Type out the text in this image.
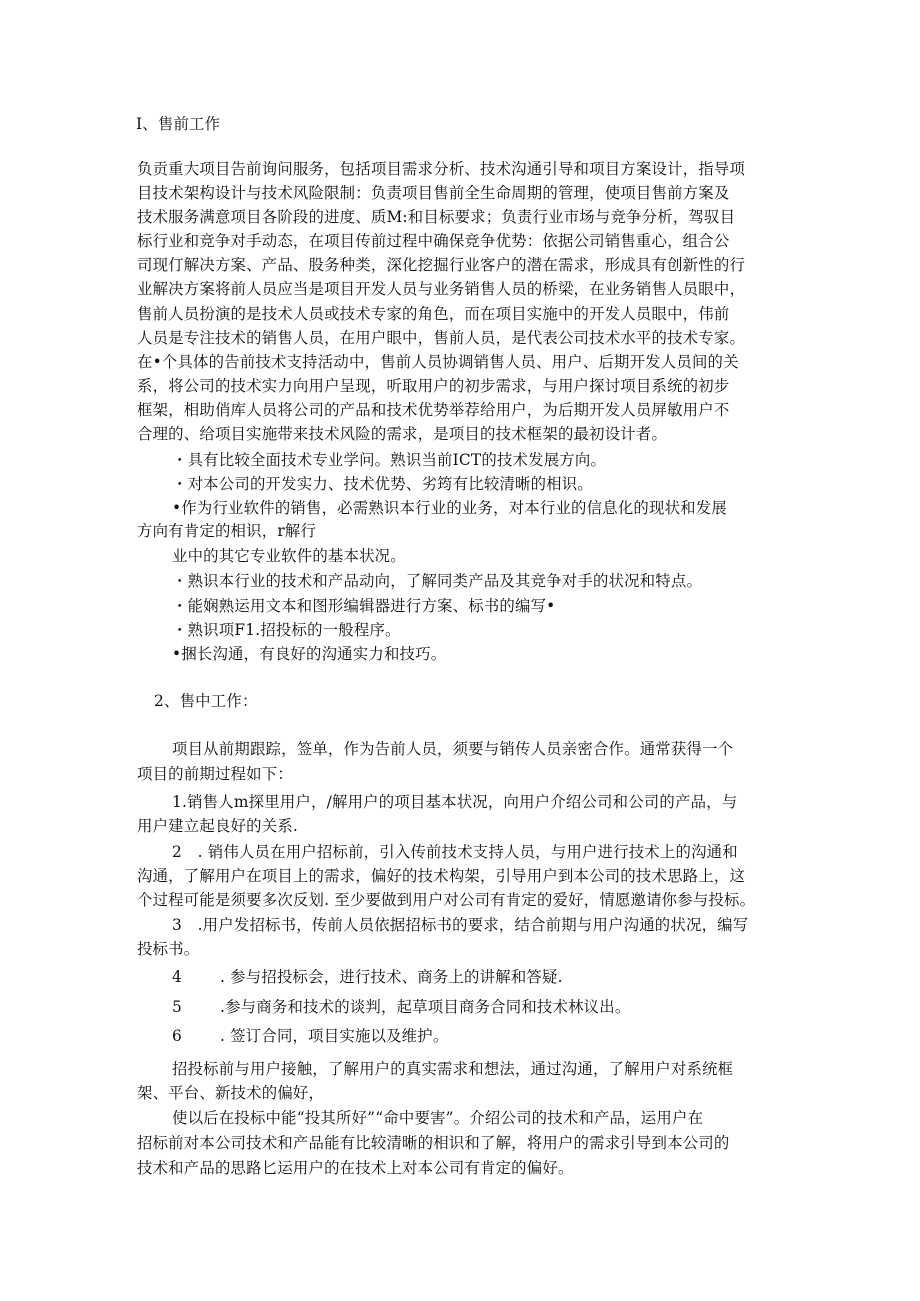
I、售前工作
负贡重大项目告前询问服务，包括项目需求分析、技术沟通引导和项目方案设计，指导项
目技术架构设计与技术风险限制：负责项目售前全生命周期的管理，使项目售前方案及
技术服务满意项目各阶段的进度、质M:和目标要求；负责行业市场与竞争分析，驾驭目
标行业和竞争对手动态，在项目传前过程中确保竞争优势：依据公司销售重心，组合公
司现仃解决方案、产品、股务种类，深化挖掘行业客户的潜在需求，形成具有创新性的行
业解决方案将前人员应当是项目开发人员与业务销售人员的桥梁，在业务销售人员眼中，
售前人员扮演的是技术人员或技术专家的角色，而在项目实施中的开发人员眼中，伟前
人员是专注技术的销售人员，在用户眼中，售前人员，是代表公司技术水平的技术专家。
在•个具体的告前技术支持活动中，售前人员协调销售人员、用户、后期开发人员间的关
系，将公司的技术实力向用户呈现，听取用户的初步需求，与用户探讨项目系统的初步
框架，相助俏库人员将公司的产品和技术优势举荐给用户，为后期开发人员屏敏用户不
合理的、给项目实施带来技术风险的需求，是项目的技术框架的最初设计者。
・具有比较全面技术专业学问。熟识当前ICT的技术发展方向。
・对本公司的开发实力、技术优势、劣筠有比较清晰的相识。
•作为行业软件的销售，必需熟识本行业的业务，对本行业的信息化的现状和发展
方向有肯定的相识，r解行
业中的其它专业软件的基本状况。
・熟识本行业的技术和产品动向，了解同类产品及其竞争对手的状况和特点。
・能娴熟运用文本和图形编辑器进行方案、标书的编写•
・熟识项F1.招投标的一般程序。
•捆长沟通，有良好的沟通实力和技巧。
2、售中工作：
项目从前期跟踪，签单，作为告前人员，须要与销传人员亲密合作。通常获得一个
项目的前期过程如下：
1.销售人m探里用户，/解用户的项目基本状况，向用户介绍公司和公司的产品，与
用户建立起良好的关系.
2　. 销伟人员在用户招标前，引入传前技术支持人员，与用户进行技术上的沟通和
沟通，了解用户在项目上的需求，偏好的技术构架，引导用户到本公司的技术思路上，这
个过程可能是须要多次反划. 至少要做到用户对公司有肯定的爱好，情愿邀请你参与投标。
3　.用户发招标书，传前人员依据招标书的要求，结合前期与用户沟通的状况，编写
投标书。
4 . 参与招投标会，进行技术、商务上的讲解和答疑.
5 .参与商务和技术的谈判，起草项目商务合同和技术林议出。
6 . 签订合同，项目实施以及维护。
招投标前与用户接触，了解用户的真实需求和想法，通过沟通，了解用户对系统框
架、平台、新技术的偏好，
使以后在投标中能“投其所好”“命中要害”。介绍公司的技术和产品，运用户在
招标前对本公司技术和产品能有比较清晰的相识和了解，将用户的需求引导到本公司的
技术和产品的思路匕运用户的在技术上对本公司有肯定的偏好。
